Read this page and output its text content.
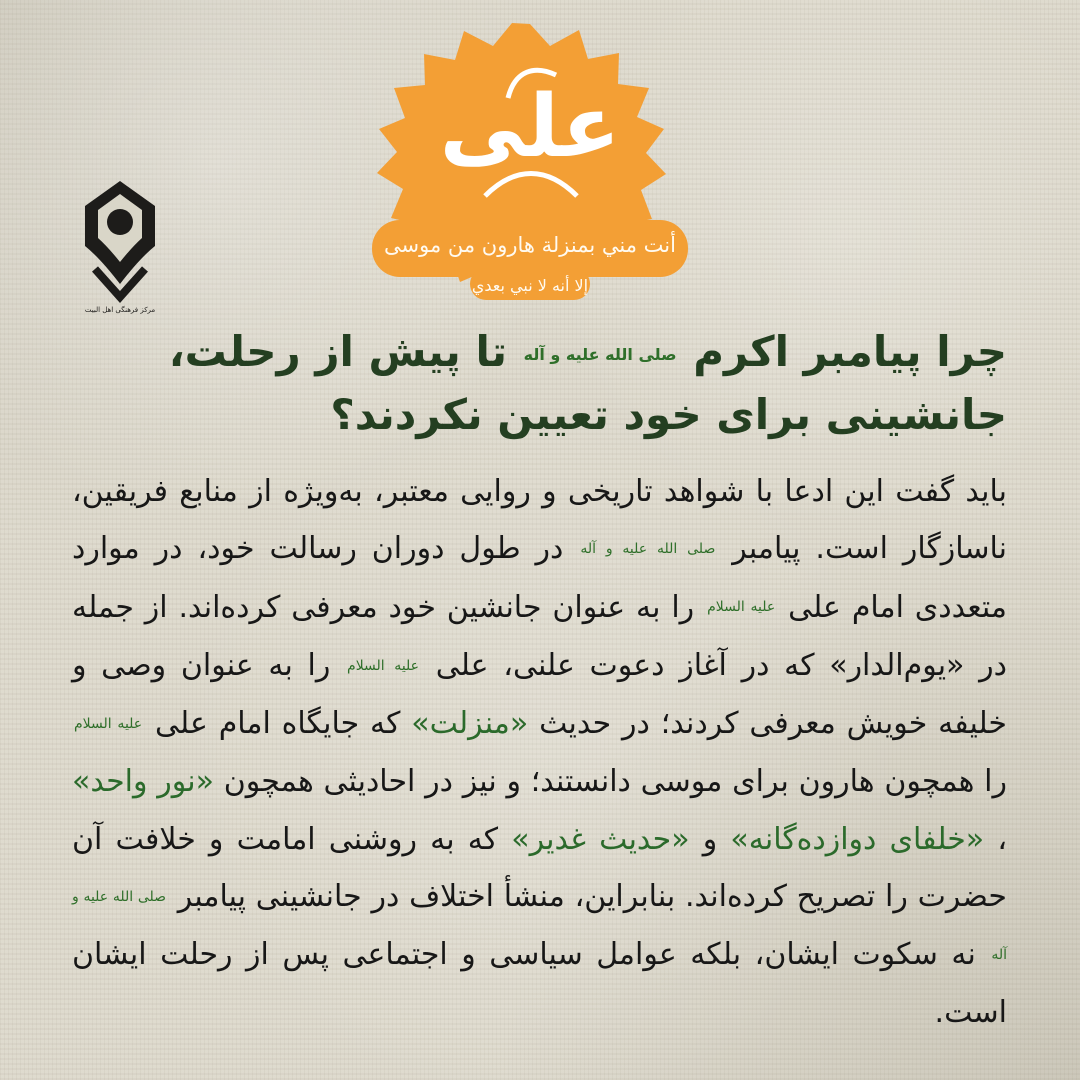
علی
أنت مني بمنزلة هارون من موسى
إلا أنه لا نبي بعدي
مرکز فرهنگی اهل البیت
چرا پیامبر اکرم صلی الله علیه و آله تا پیش از رحلت، جانشینی برای خود تعیین نکردند؟
باید گفت این ادعا با شواهد تاریخی و روایی معتبر، به‌ویژه از منابع فریقین، ناسازگار است. پیامبر صلی الله علیه و آله در طول دوران رسالت خود، در موارد متعددی امام علی علیه السلام را به عنوان جانشین خود معرفی کرده‌اند. از جمله در «یوم‌الدار» که در آغاز دعوت علنی، علی علیه السلام را به عنوان وصی و خلیفه خویش معرفی کردند؛ در حدیث «منزلت» که جایگاه امام علی علیه السلام را همچون هارون برای موسی دانستند؛ و نیز در احادیثی همچون «نور واحد» ، «خلفای دوازده‌گانه» و «حدیث غدیر» که به روشنی امامت و خلافت آن حضرت را تصریح کرده‌اند. بنابراین، منشأ اختلاف در جانشینی پیامبر صلی الله علیه و آله نه سکوت ایشان، بلکه عوامل سیاسی و اجتماعی پس از رحلت ایشان است.
